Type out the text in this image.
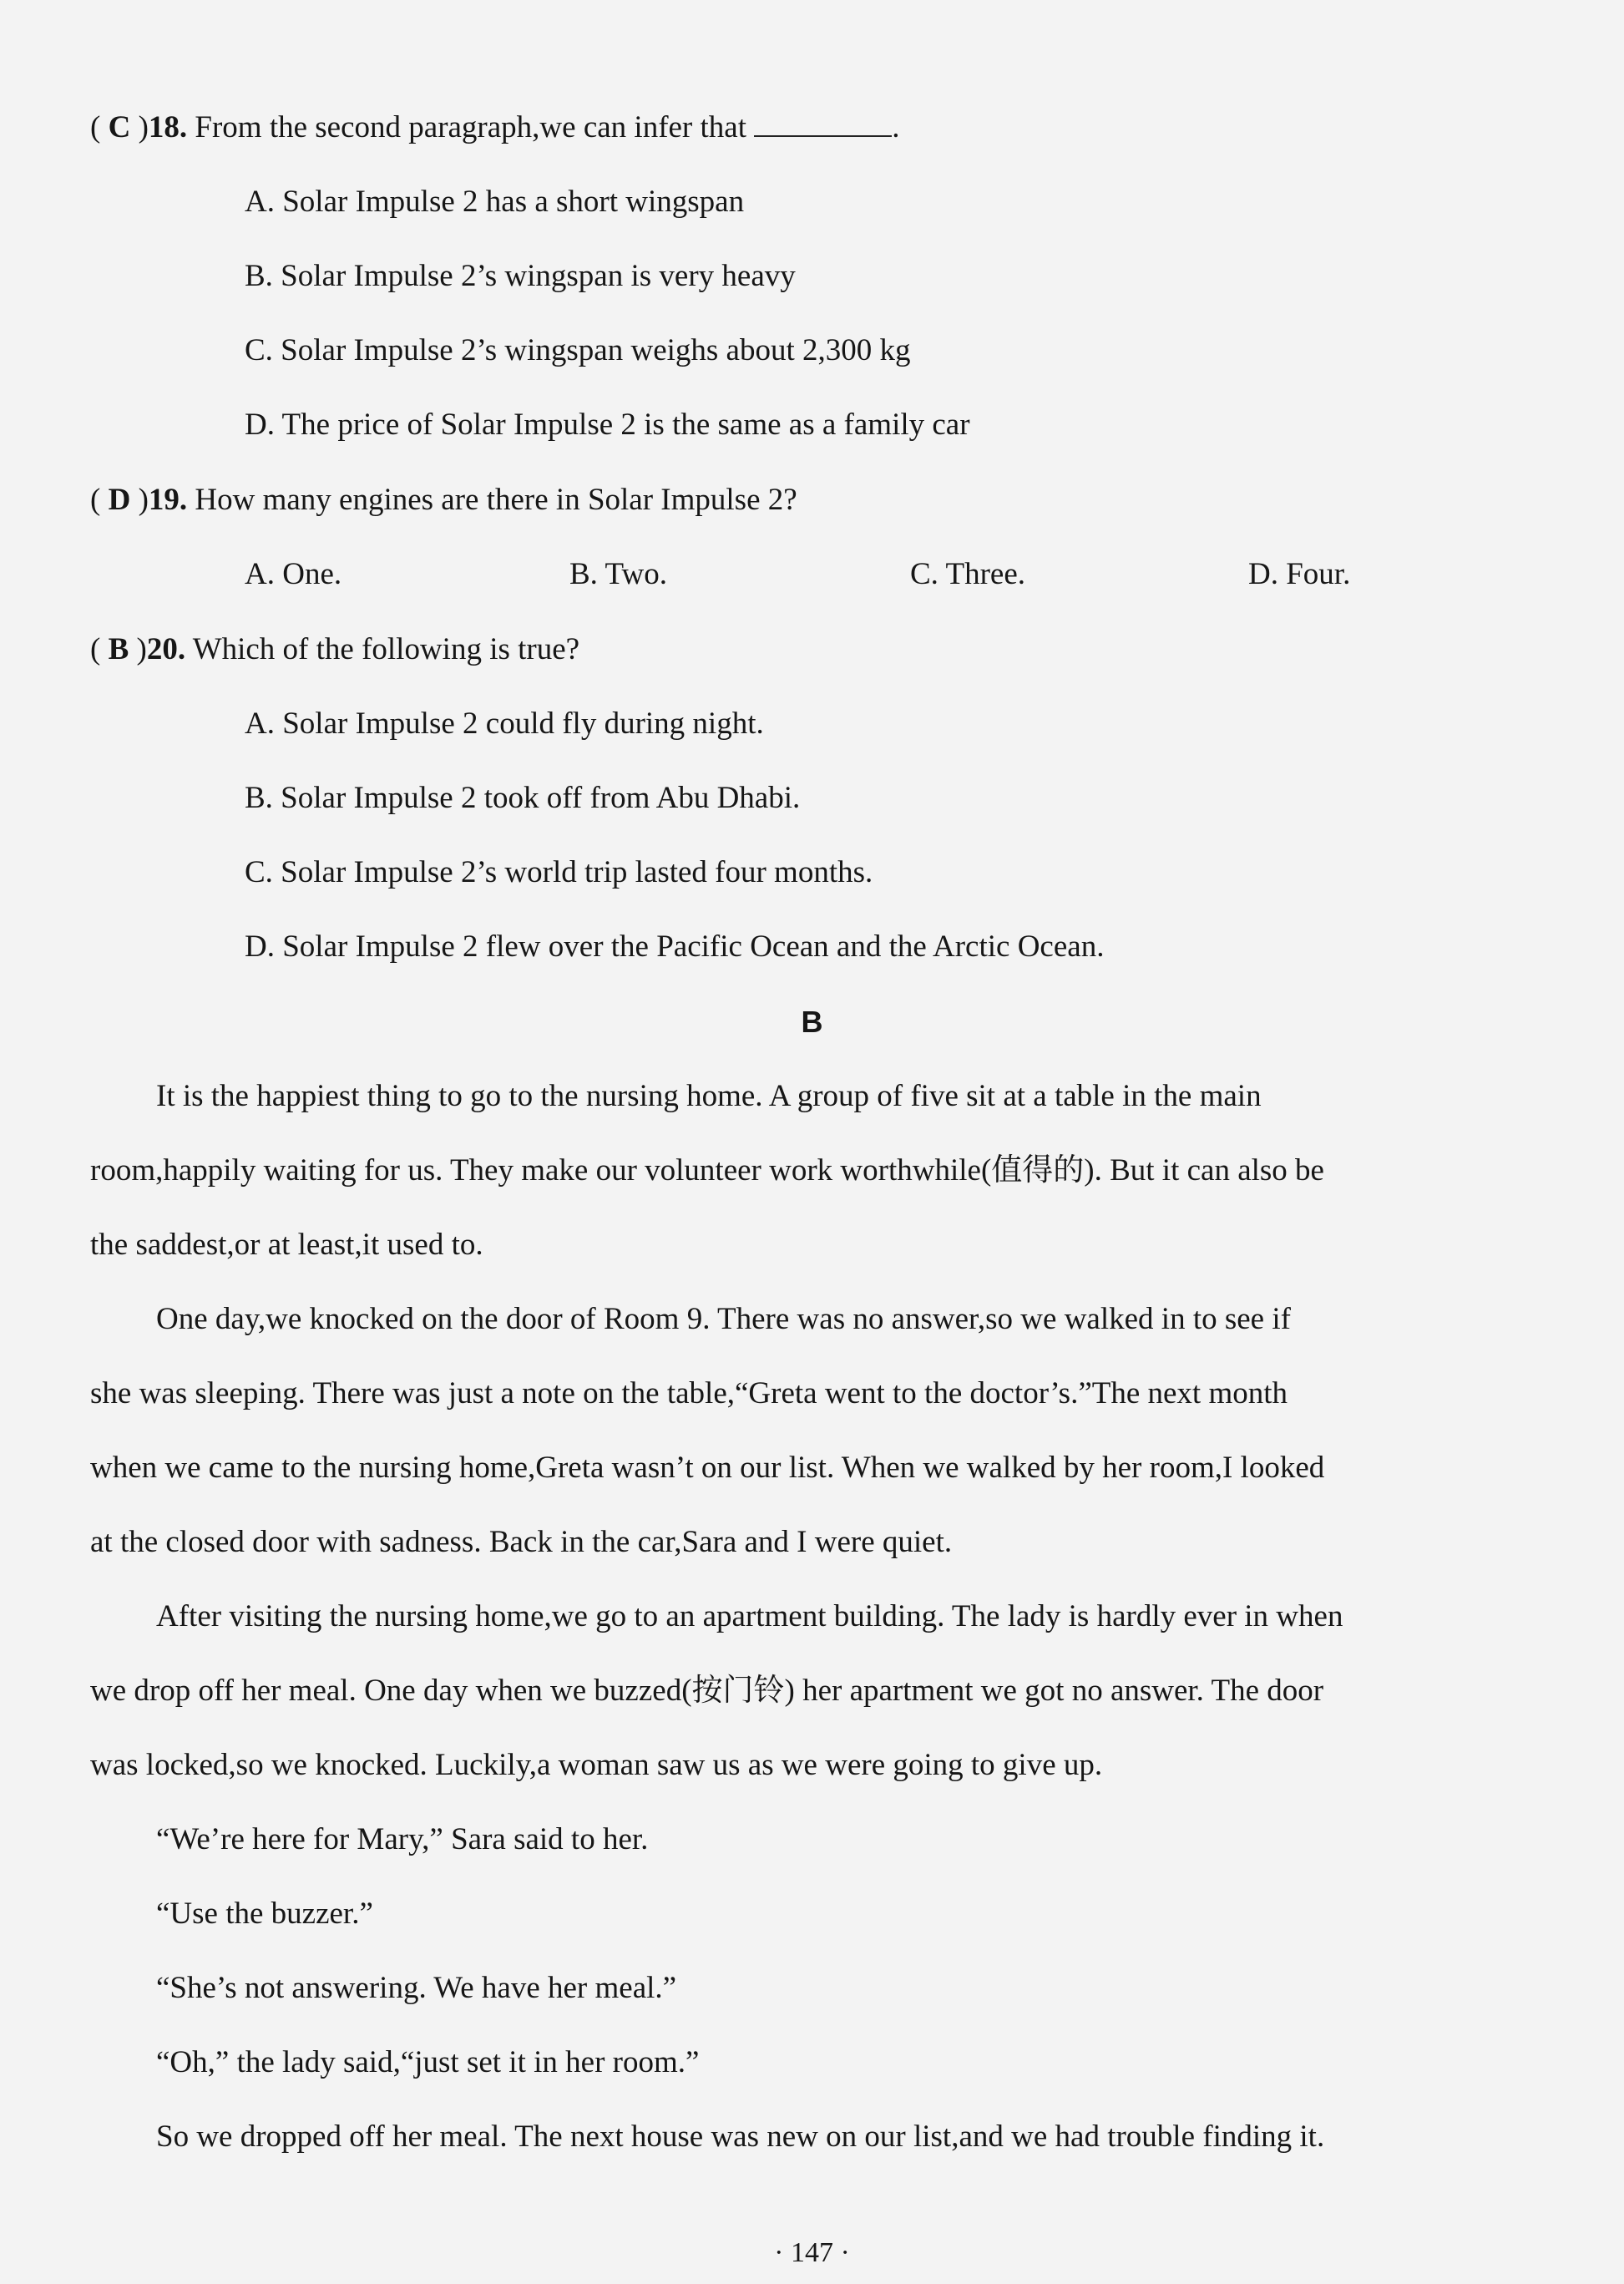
( C )18. From the second paragraph,we can infer that	.
A. Solar Impulse 2 has a short wingspan
B. Solar Impulse 2’s wingspan is very heavy
C. Solar Impulse 2’s wingspan weighs about 2,300 kg
D. The price of Solar Impulse 2 is the same as a family car
( D )19. How many engines are there in Solar Impulse 2?
A. One.	B. Two.	C. Three.	D. Four.
( B )20. Which of the following is true?
A. Solar Impulse 2 could fly during night.
B. Solar Impulse 2 took off from Abu Dhabi.
C. Solar Impulse 2’s world trip lasted four months.
D. Solar Impulse 2 flew over the Pacific Ocean and the Arctic Ocean.
B
It is the happiest thing to go to the nursing home. A group of five sit at a table in the main
room,happily waiting for us. They make our volunteer work worthwhile(值得的). But it can also be
the saddest,or at least,it used to.
One day,we knocked on the door of Room 9. There was no answer,so we walked in to see if
she was sleeping. There was just a note on the table,“Greta went to the doctor’s.”The next month
when we came to the nursing home,Greta wasn’t on our list. When we walked by her room,I looked
at the closed door with sadness. Back in the car,Sara and I were quiet.
After visiting the nursing home,we go to an apartment building. The lady is hardly ever in when
we drop off her meal. One day when we buzzed(按门铃) her apartment we got no answer. The door
was locked,so we knocked. Luckily,a woman saw us as we were going to give up.
“We’re here for Mary,” Sara said to her.
“Use the buzzer.”
“She’s not answering. We have her meal.”
“Oh,” the lady said,“just set it in her room.”
So we dropped off her meal. The next house was new on our list,and we had trouble finding it.
· 147 ·
